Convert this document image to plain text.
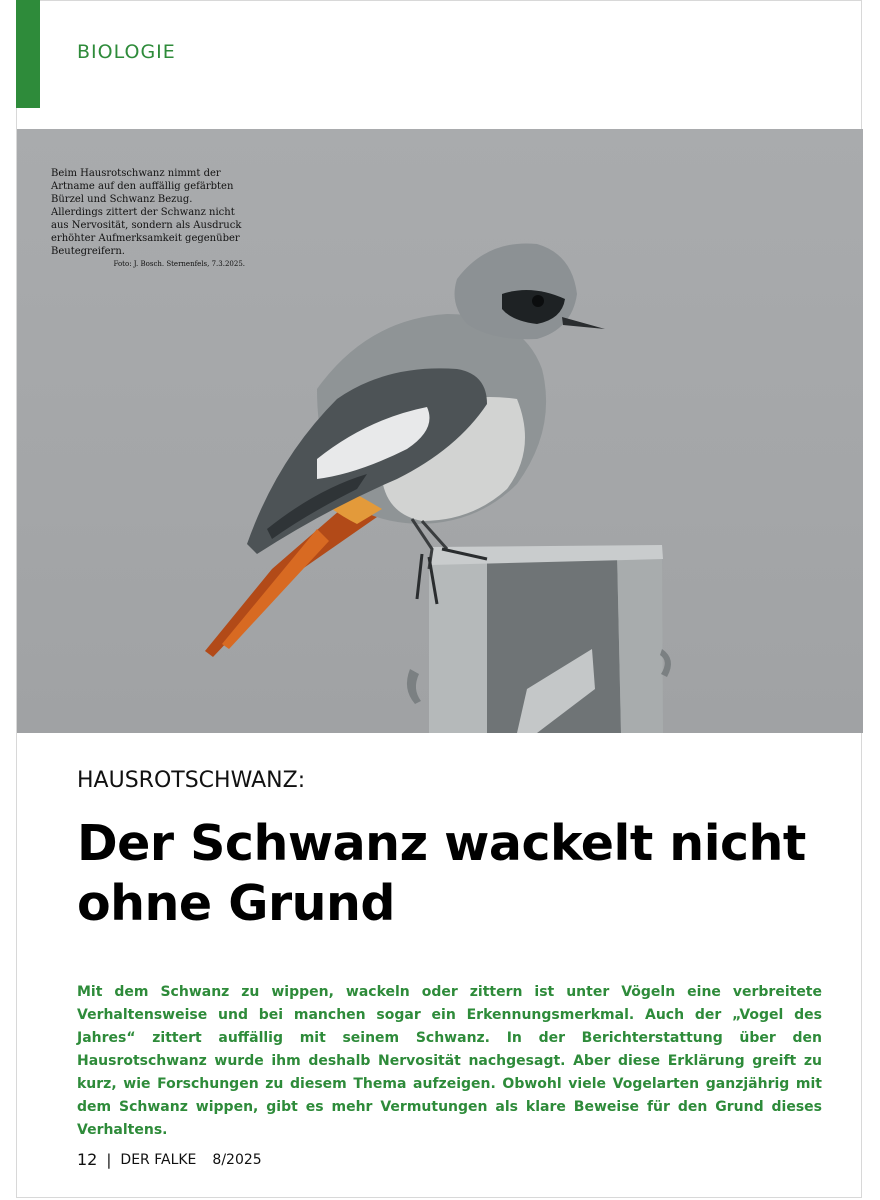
BIOLOGIE

Beim Hausrotschwanz nimmt der Artname auf den auffällig gefärbten Bürzel und Schwanz Bezug. Allerdings zittert der Schwanz nicht aus Nervosität, sondern als Ausdruck erhöhter Aufmerksamkeit gegenüber Beutegreifern.

Foto: J. Bosch. Sternenfels, 7.3.2025.

HAUSROTSCHWANZ:
Der Schwanz wackelt nicht ohne Grund
Mit dem Schwanz zu wippen, wackeln oder zittern ist unter Vögeln eine verbreitete Verhaltensweise und bei manchen sogar ein Erkennungsmerkmal. Auch der „Vogel des Jahres“ zittert auffällig mit seinem Schwanz. In der Berichterstattung über den Hausrotschwanz wurde ihm deshalb Nervosität nachgesagt. Aber diese Erklärung greift zu kurz, wie Forschungen zu diesem Thema aufzeigen. Obwohl viele Vogelarten ganzjährig mit dem Schwanz wippen, gibt es mehr Vermutungen als klare Beweise für den Grund dieses Verhaltens.
12 | DER FALKE 8/2025
